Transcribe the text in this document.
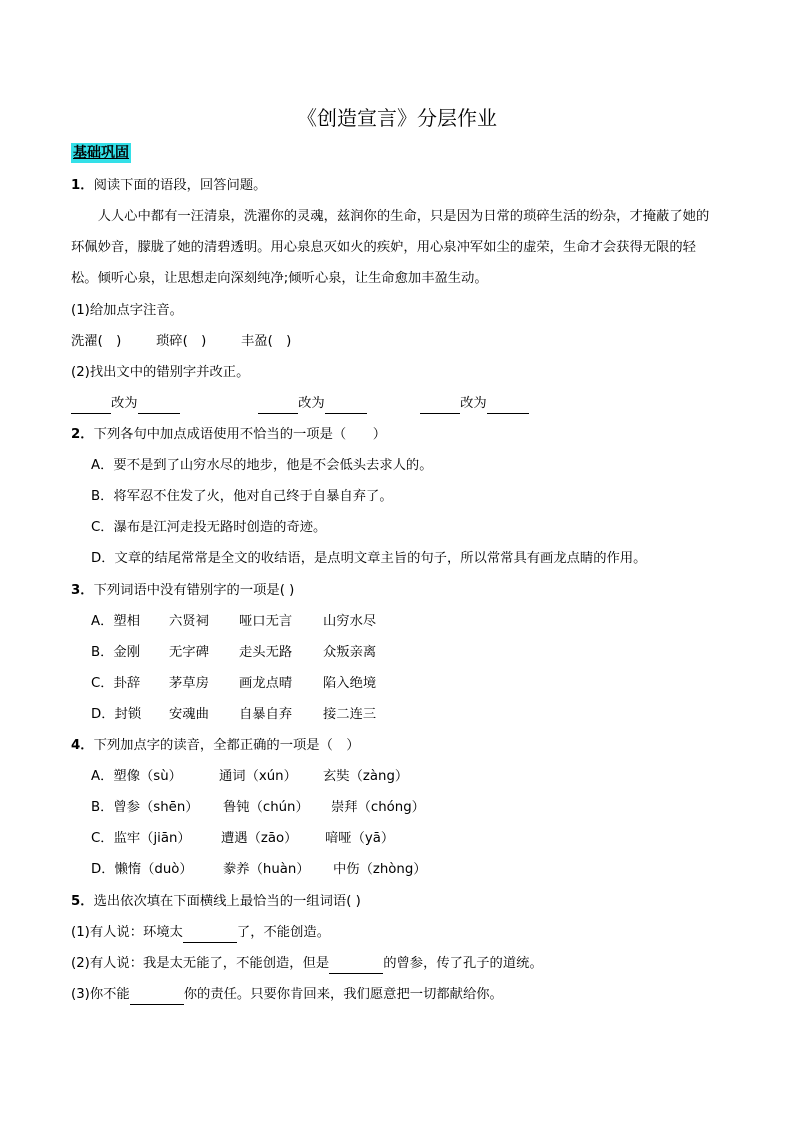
《创造宣言》分层作业
基础巩固
1．阅读下面的语段，回答问题。
人人心中都有一汪清泉，洗濯你的灵魂，兹润你的生命，只是因为日常的琐碎生活的纷杂，才掩蔽了她的环佩妙音，朦胧了她的清碧透明。用心泉息灭如火的疾妒，用心泉冲军如尘的虚荣，生命才会获得无限的轻松。倾听心泉，让思想走向深刻纯净;倾听心泉，让生命愈加丰盈生动。
(1)给加点字注音。
洗濯(　)	琐碎(　)	丰盈(　)
(2)找出文中的错别字并改正。
改为	改为	改为
2．下列各句中加点成语使用不恰当的一项是（　　）
A．要不是到了山穷水尽的地步，他是不会低头去求人的。
B．将军忍不住发了火，他对自己终于自暴自弃了。
C．瀑布是江河走投无路时创造的奇迹。
D．文章的结尾常常是全文的收结语，是点明文章主旨的句子，所以常常具有画龙点睛的作用。
3．下列词语中没有错别字的一项是( )
A．塑相 六贤祠 哑口无言 山穷水尽
B．金刚 无字碑 走头无路 众叛亲离
C．卦辞 茅草房 画龙点晴 陷入绝境
D．封锁 安魂曲 自暴自弃 接二连三
4．下列加点字的读音，全都正确的一项是（　）
A．塑像（sù）	通词（xún） 玄奘（zàng）
B．曾参（shēn） 鲁钝（chún） 崇拜（chóng）
C．监牢（jiān） 遭遇（zāo） 喑哑（yā）
D．懒惰（duò） 豢养（huàn） 中伤（zhòng）
5．选出依次填在下面横线上最恰当的一组词语( )
(1)有人说：环境太	了，不能创造。
(2)有人说：我是太无能了，不能创造，但是	的曾参，传了孔子的道统。
(3)你不能	你的责任。只要你肯回来，我们愿意把一切都献给你。
